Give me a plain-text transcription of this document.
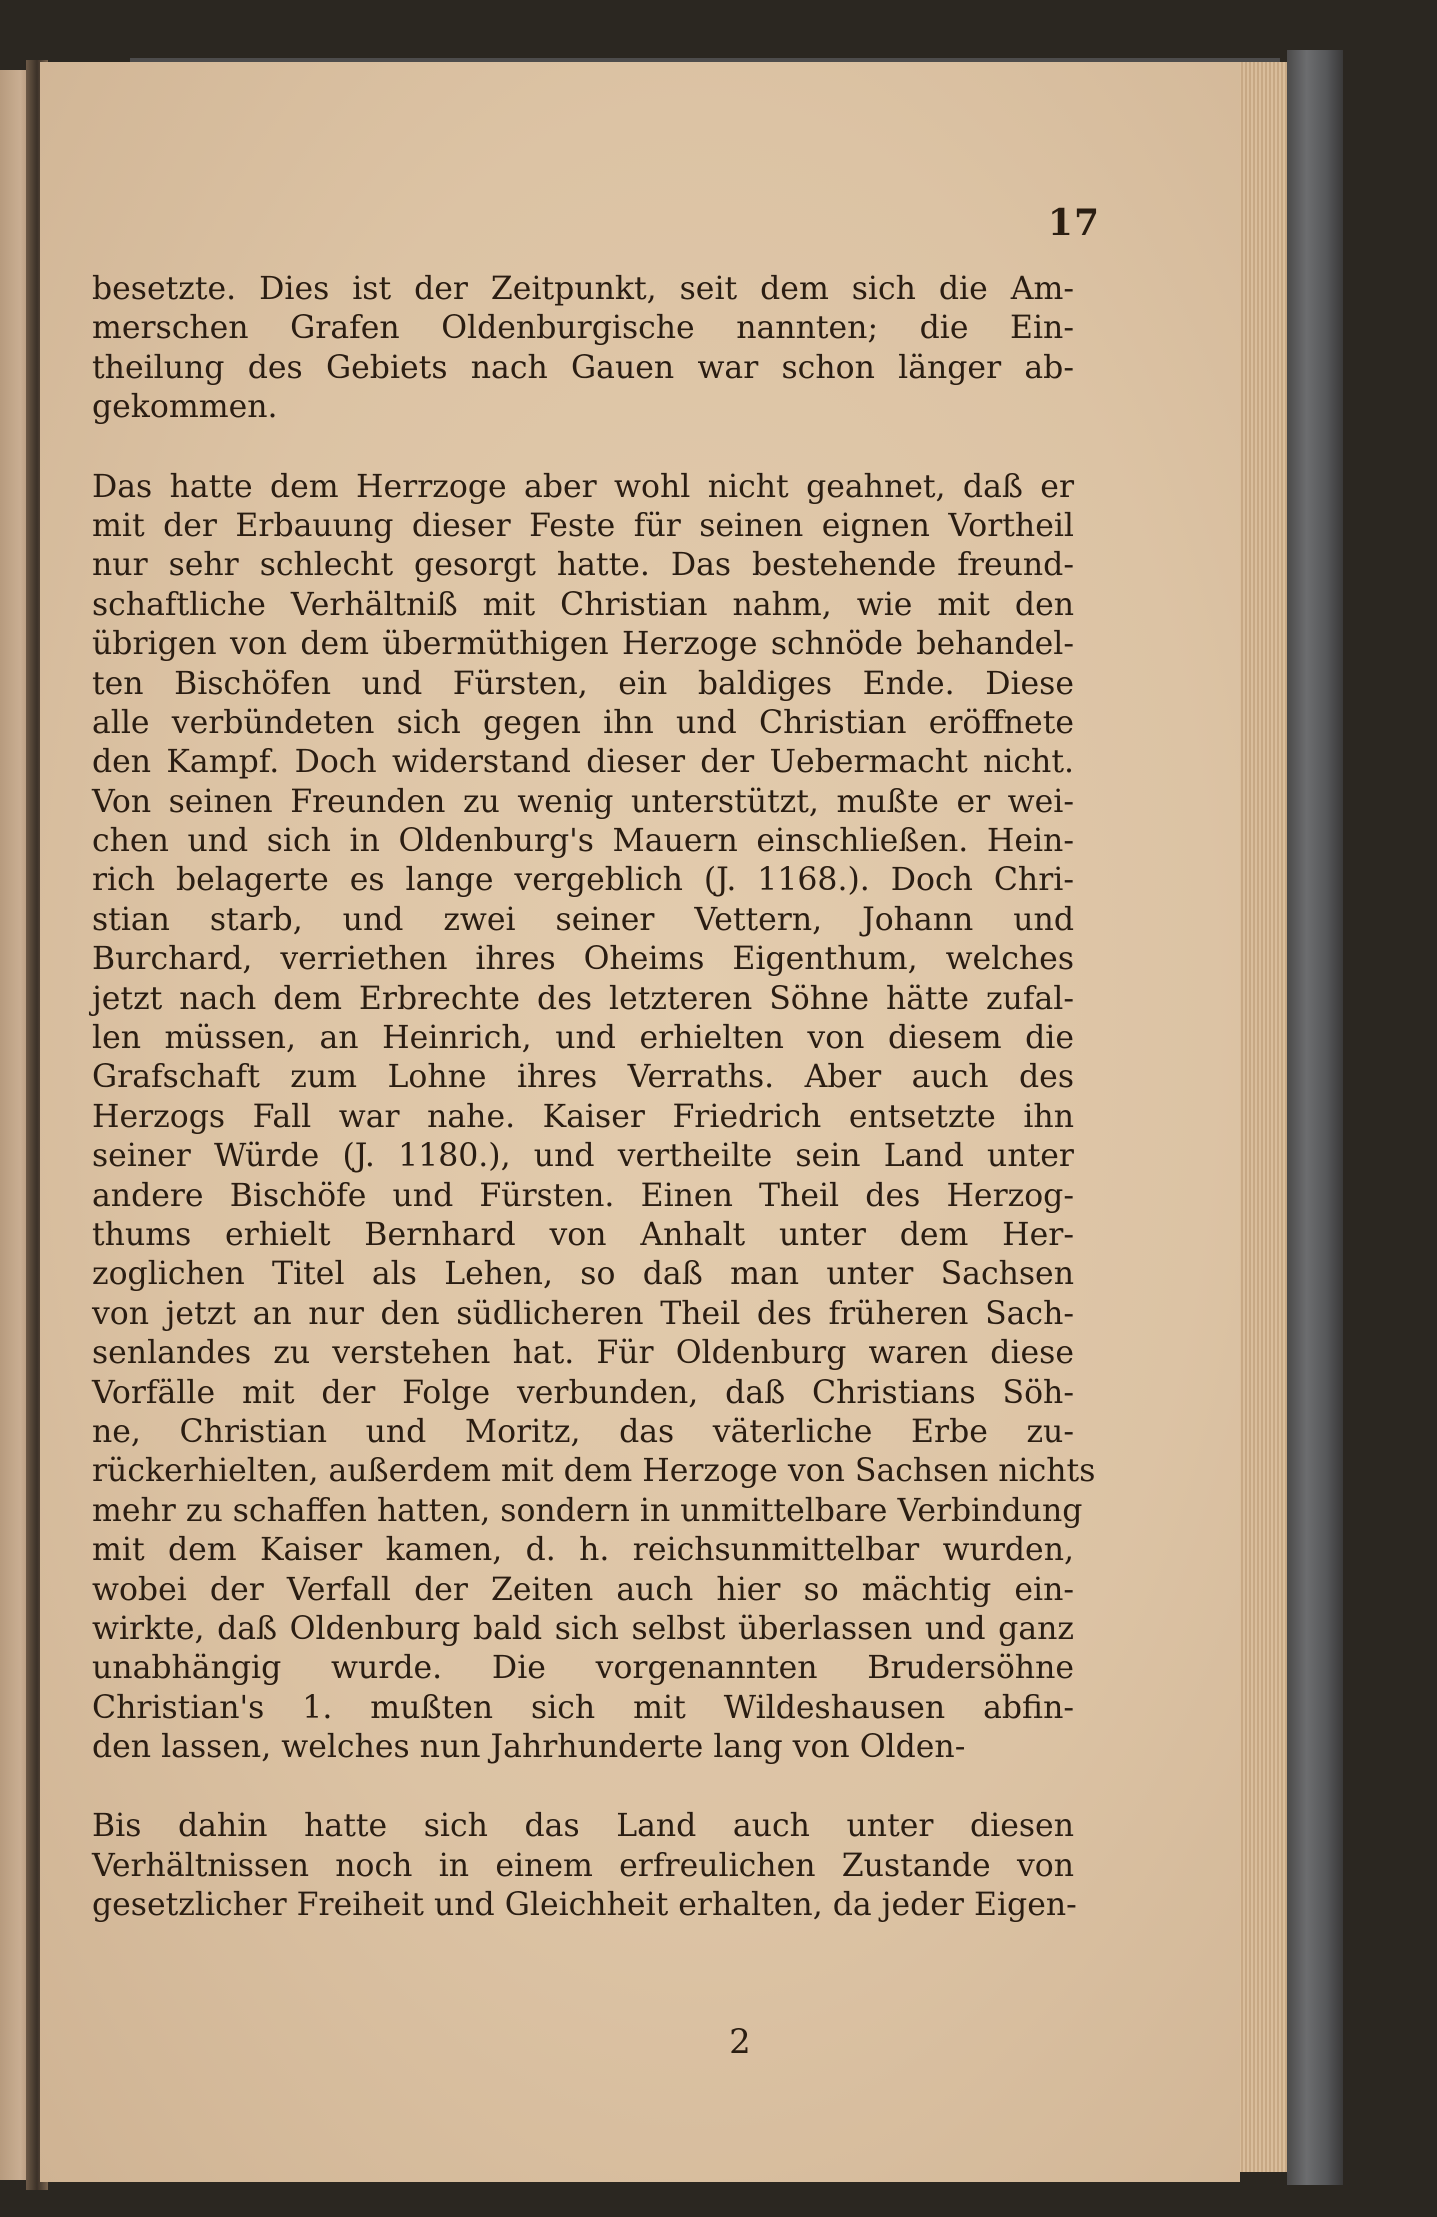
17
besetzte. Dies ist der Zeitpunkt, seit dem sich die Am-
merschen Grafen Oldenburgische nannten; die Ein-
theilung des Gebiets nach Gauen war schon länger ab-
gekommen.
Das hatte dem Herrzoge aber wohl nicht geahnet, daß er
mit der Erbauung dieser Feste für seinen eignen Vortheil
nur sehr schlecht gesorgt hatte. Das bestehende freund-
schaftliche Verhältniß mit Christian nahm, wie mit den
übrigen von dem übermüthigen Herzoge schnöde behandel-
ten Bischöfen und Fürsten, ein baldiges Ende. Diese
alle verbündeten sich gegen ihn und Christian eröffnete
den Kampf. Doch widerstand dieser der Uebermacht nicht.
Von seinen Freunden zu wenig unterstützt, mußte er wei-
chen und sich in Oldenburg's Mauern einschließen. Hein-
rich belagerte es lange vergeblich (J. 1168.). Doch Chri-
stian starb, und zwei seiner Vettern, Johann und
Burchard, verriethen ihres Oheims Eigenthum, welches
jetzt nach dem Erbrechte des letzteren Söhne hätte zufal-
len müssen, an Heinrich, und erhielten von diesem die
Grafschaft zum Lohne ihres Verraths. Aber auch des
Herzogs Fall war nahe. Kaiser Friedrich entsetzte ihn
seiner Würde (J. 1180.), und vertheilte sein Land unter
andere Bischöfe und Fürsten. Einen Theil des Herzog-
thums erhielt Bernhard von Anhalt unter dem Her-
zoglichen Titel als Lehen, so daß man unter Sachsen
von jetzt an nur den südlicheren Theil des früheren Sach-
senlandes zu verstehen hat. Für Oldenburg waren diese
Vorfälle mit der Folge verbunden, daß Christians Söh-
ne, Christian und Moritz, das väterliche Erbe zu-
rückerhielten, außerdem mit dem Herzoge von Sachsen nichts
mehr zu schaffen hatten, sondern in unmittelbare Verbindung
mit dem Kaiser kamen, d. h. reichsunmittelbar wurden,
wobei der Verfall der Zeiten auch hier so mächtig ein-
wirkte, daß Oldenburg bald sich selbst überlassen und ganz
unabhängig wurde. Die vorgenannten Brudersöhne
Christian's 1. mußten sich mit Wildeshausen abfin-
den lassen, welches nun Jahrhunderte lang von Olden-
Bis dahin hatte sich das Land auch unter diesen
Verhältnissen noch in einem erfreulichen Zustande von
gesetzlicher Freiheit und Gleichheit erhalten, da jeder Eigen-
2
